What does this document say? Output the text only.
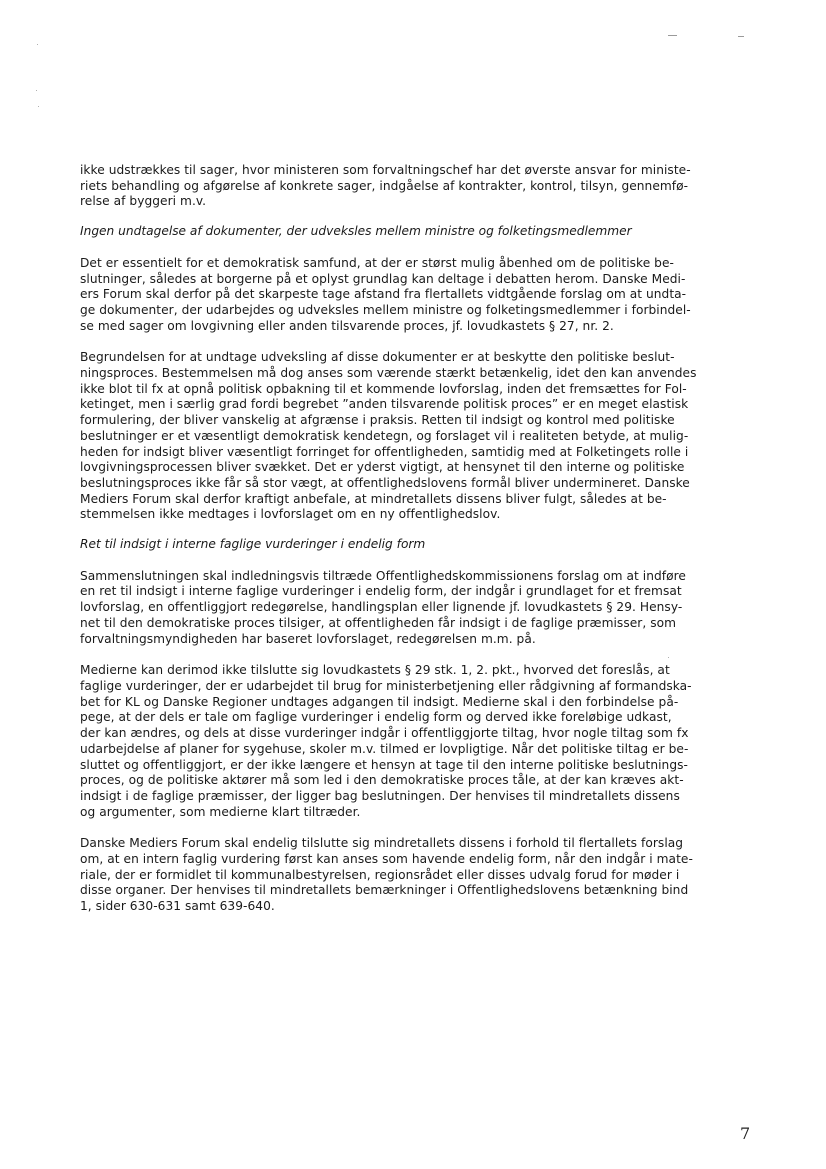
ikke udstrækkes til sager, hvor ministeren som forvaltningschef har det øverste ansvar for ministe-
riets behandling og afgørelse af konkrete sager, indgåelse af kontrakter, kontrol, tilsyn, gennemfø-
relse af byggeri m.v.

Ingen undtagelse af dokumenter, der udveksles mellem ministre og folketingsmedlemmer

Det er essentielt for et demokratisk samfund, at der er størst mulig åbenhed om de politiske be-
slutninger, således at borgerne på et oplyst grundlag kan deltage i debatten herom. Danske Medi-
ers Forum skal derfor på det skarpeste tage afstand fra flertallets vidtgående forslag om at undta-
ge dokumenter, der udarbejdes og udveksles mellem ministre og folketingsmedlemmer i forbindel-
se med sager om lovgivning eller anden tilsvarende proces, jf. lovudkastets § 27, nr. 2.

Begrundelsen for at undtage udveksling af disse dokumenter er at beskytte den politiske beslut-
ningsproces. Bestemmelsen må dog anses som værende stærkt betænkelig, idet den kan anvendes
ikke blot til fx at opnå politisk opbakning til et kommende lovforslag, inden det fremsættes for Fol-
ketinget, men i særlig grad fordi begrebet ”anden tilsvarende politisk proces” er en meget elastisk
formulering, der bliver vanskelig at afgrænse i praksis. Retten til indsigt og kontrol med politiske
beslutninger er et væsentligt demokratisk kendetegn, og forslaget vil i realiteten betyde, at mulig-
heden for indsigt bliver væsentligt forringet for offentligheden, samtidig med at Folketingets rolle i
lovgivningsprocessen bliver svækket. Det er yderst vigtigt, at hensynet til den interne og politiske
beslutningsproces ikke får så stor vægt, at offentlighedslovens formål bliver undermineret. Danske
Mediers Forum skal derfor kraftigt anbefale, at mindretallets dissens bliver fulgt, således at be-
stemmelsen ikke medtages i lovforslaget om en ny offentlighedslov.

Ret til indsigt i interne faglige vurderinger i endelig form

Sammenslutningen skal indledningsvis tiltræde Offentlighedskommissionens forslag om at indføre
en ret til indsigt i interne faglige vurderinger i endelig form, der indgår i grundlaget for et fremsat
lovforslag, en offentliggjort redegørelse, handlingsplan eller lignende jf. lovudkastets § 29. Hensy-
net til den demokratiske proces tilsiger, at offentligheden får indsigt i de faglige præmisser, som
forvaltningsmyndigheden har baseret lovforslaget, redegørelsen m.m. på.

Medierne kan derimod ikke tilslutte sig lovudkastets § 29 stk. 1, 2. pkt., hvorved det foreslås, at
faglige vurderinger, der er udarbejdet til brug for ministerbetjening eller rådgivning af formandska-
bet for KL og Danske Regioner undtages adgangen til indsigt. Medierne skal i den forbindelse på-
pege, at der dels er tale om faglige vurderinger i endelig form og derved ikke foreløbige udkast,
der kan ændres, og dels at disse vurderinger indgår i offentliggjorte tiltag, hvor nogle tiltag som fx
udarbejdelse af planer for sygehuse, skoler m.v. tilmed er lovpligtige. Når det politiske tiltag er be-
sluttet og offentliggjort, er der ikke længere et hensyn at tage til den interne politiske beslutnings-
proces, og de politiske aktører må som led i den demokratiske proces tåle, at der kan kræves akt-
indsigt i de faglige præmisser, der ligger bag beslutningen. Der henvises til mindretallets dissens
og argumenter, som medierne klart tiltræder.

Danske Mediers Forum skal endelig tilslutte sig mindretallets dissens i forhold til flertallets forslag
om, at en intern faglig vurdering først kan anses som havende endelig form, når den indgår i mate-
riale, der er formidlet til kommunalbestyrelsen, regionsrådet eller disses udvalg forud for møder i
disse organer. Der henvises til mindretallets bemærkninger i Offentlighedslovens betænkning bind
1, sider 630-631 samt 639-640.

7
